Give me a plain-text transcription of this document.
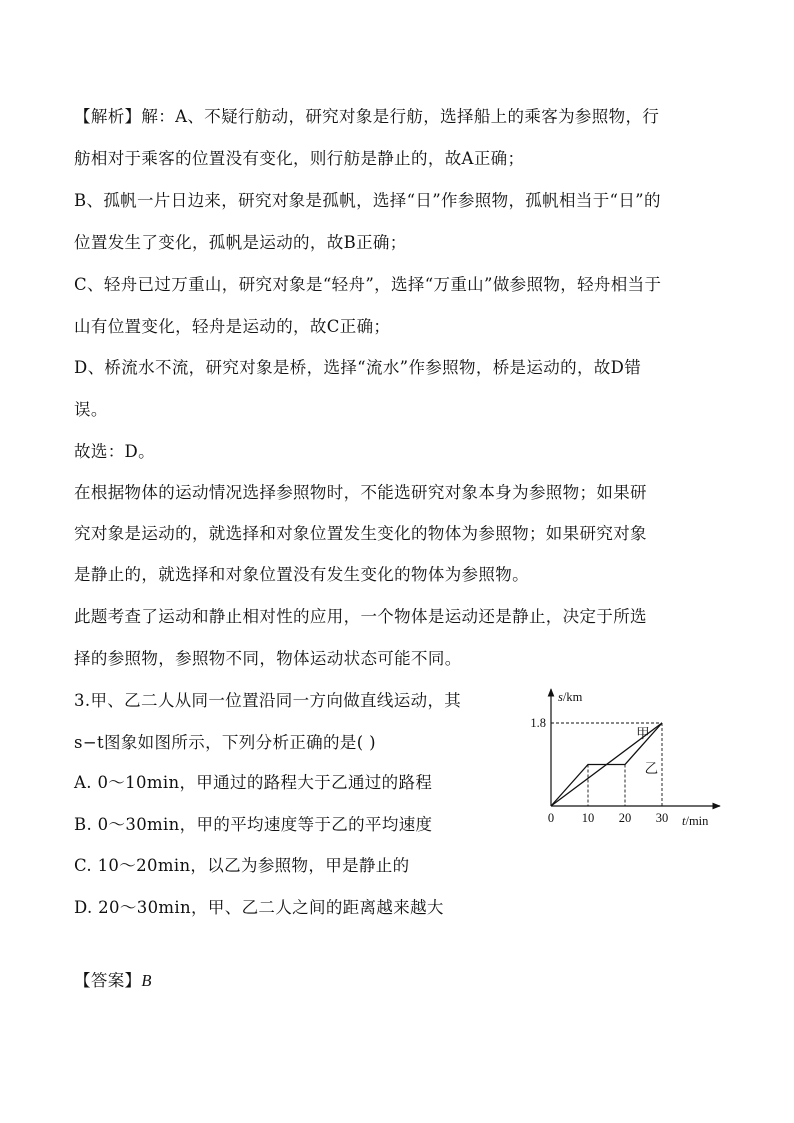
【解析】解：A、不疑行舫动，研究对象是行舫，选择船上的乘客为参照物，行
舫相对于乘客的位置没有变化，则行舫是静止的，故A正确；
B、孤帆一片日边来，研究对象是孤帆，选择“日”作参照物，孤帆相当于“日”的
位置发生了变化，孤帆是运动的，故B正确；
C、轻舟已过万重山，研究对象是“轻舟”，选择“万重山”做参照物，轻舟相当于
山有位置变化，轻舟是运动的，故C正确；
D、桥流水不流，研究对象是桥，选择“流水”作参照物，桥是运动的，故D错
误。
故选：D。
在根据物体的运动情况选择参照物时，不能选研究对象本身为参照物；如果研
究对象是运动的，就选择和对象位置发生变化的物体为参照物；如果研究对象
是静止的，就选择和对象位置没有发生变化的物体为参照物。
此题考查了运动和静止相对性的应用，一个物体是运动还是静止，决定于所选
择的参照物，参照物不同，物体运动状态可能不同。
3.甲、乙二人从同一位置沿同一方向做直线运动，其
s−t图象如图所示，下列分析正确的是( )
A. 0～10min，甲通过的路程大于乙通过的路程
B. 0～30min，甲的平均速度等于乙的平均速度
C. 10～20min，以乙为参照物，甲是静止的
D. 20～30min，甲、乙二人之间的距离越来越大
【答案】B
s/km
t/min
0 10 20 30
1.8
甲
乙
